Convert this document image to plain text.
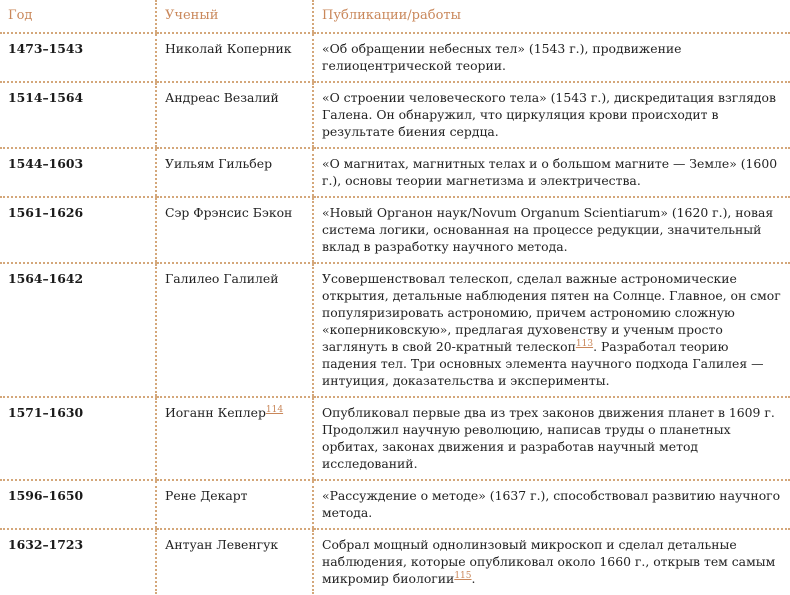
Год	Ученый	Публикации/работы
1473–1543	Николай Коперник	«Об обращении небесных тел» (1543 г.), продвижение гелиоцентрической теории.
1514–1564	Андреас Везалий	«О строении человеческого тела» (1543 г.), дискредитация взглядов Галена. Он обнаружил, что циркуляция крови происходит в результате биения сердца.
1544–1603	Уильям Гильбер	«О магнитах, магнитных телах и о большом магните — Земле» (1600 г.), основы теории магнетизма и электричества.
1561–1626	Сэр Фрэнсис Бэкон	«Новый Органон наук/Novum Organum Scientiarum» (1620 г.), новая система логики, основанная на процессе редукции, значительный вклад в разработку научного метода.
1564–1642	Галилео Галилей	Усовершенствовал телескоп, сделал важные астрономические открытия, детальные наблюдения пятен на Солнце. Главное, он смог популяризировать астрономию, причем астрономию сложную «коперниковскую», предлагая духовенству и ученым просто заглянуть в свой 20-кратный телескоп$^{113}$. Разработал теорию падения тел. Три основных элемента научного подхода Галилея — интуиция, доказательства и эксперименты.
1571–1630	Иоганн Кеплер$^{114}$	Опубликовал первые два из трех законов движения планет в 1609 г. Продолжил научную революцию, написав труды о планетных орбитах, законах движения и разработав научный метод исследований.
1596–1650	Рене Декарт	«Рассуждение о методе» (1637 г.), способствовал развитию научного метода.
1632–1723	Антуан Левенгук	Собрал мощный однолинзовый микроскоп и сделал детальные наблюдения, которые опубликовал около 1660 г., открыв тем самым микромир биологии$^{115}$.
